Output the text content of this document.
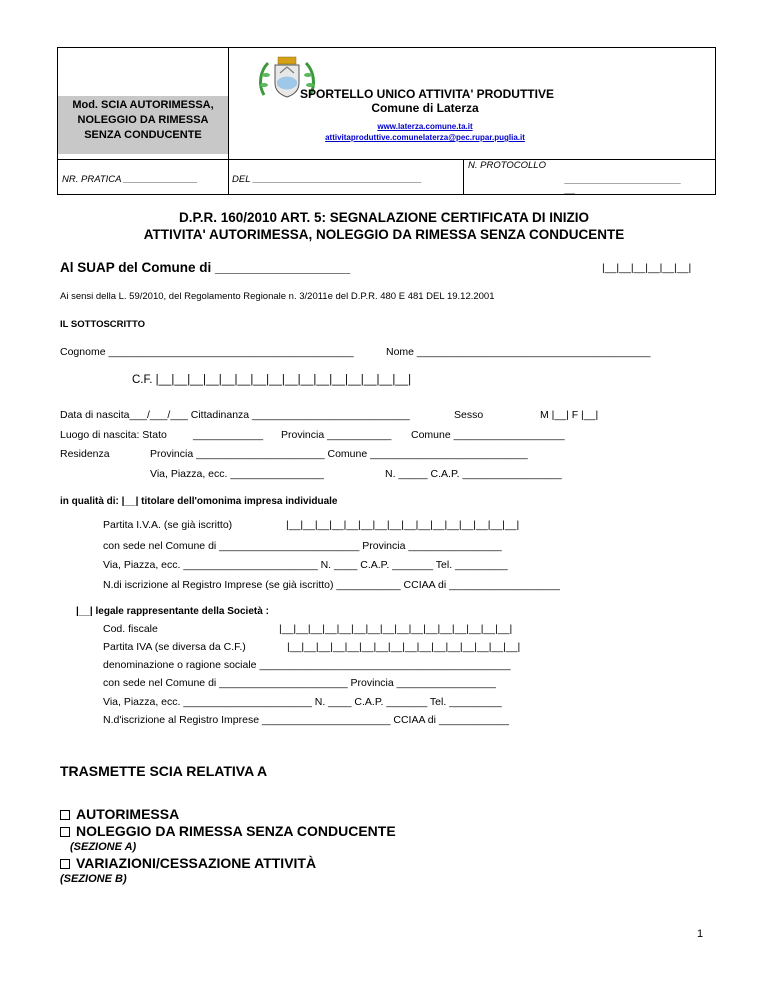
Mod. SCIA AUTORIMESSA, NOLEGGIO DA RIMESSA SENZA CONDUCENTE
SPORTELLO UNICO ATTIVITA' PRODUTTIVE
Comune di Laterza
www.laterza.comune.ta.it
attivitaproduttive.comunelaterza@pec.rupar.puglia.it
NR. PRATICA ______________	DEL ________________________________
N. PROTOCOLLO
______________________
__
D.P.R. 160/2010 ART. 5: SEGNALAZIONE CERTIFICATA DI INIZIO
ATTIVITA' AUTORIMESSA, NOLEGGIO DA RIMESSA SENZA CONDUCENTE
Al SUAP del Comune di __________________	|__|__|__|__|__|__|
Ai sensi della L. 59/2010, del Regolamento Regionale n. 3/2011e del D.P.R. 480 E 481 DEL 19.12.2001
IL SOTTOSCRITTO
Cognome __________________________________________	Nome ________________________________________
C.F. |__|__|__|__|__|__|__|__|__|__|__|__|__|__|__|__|
Data di nascita___/___/___ Cittadinanza ___________________________	Sesso	M |__| F |__|
Luogo di nascita: Stato ____________ Provincia ___________ Comune ___________________
Residenza	Provincia ______________________ Comune ___________________________
Via, Piazza, ecc. ________________	N. _____ C.A.P. _________________
in qualità di: |__| titolare dell'omonima impresa individuale
Partita I.V.A. (se già iscritto)	|__|__|__|__|__|__|__|__|__|__|__|__|__|__|__|__|
con sede nel Comune di ________________________ Provincia ________________
Via, Piazza, ecc. _______________________ N. ____ C.A.P. _______ Tel. _________
N.di iscrizione al Registro Imprese (se già iscritto) ___________ CCIAA di ___________________
|__| legale rappresentante della Società :
Cod. fiscale	|__|__|__|__|__|__|__|__|__|__|__|__|__|__|__|__|
Partita IVA (se diversa da C.F.)	|__|__|__|__|__|__|__|__|__|__|__|__|__|__|__|__|
denominazione o ragione sociale ___________________________________________
con sede nel Comune di ______________________ Provincia _________________
Via, Piazza, ecc. ______________________ N. ____ C.A.P. _______ Tel. _________
N.d'iscrizione al Registro Imprese ______________________ CCIAA di ____________
TRASMETTE SCIA RELATIVA A
AUTORIMESSA
NOLEGGIO DA RIMESSA SENZA CONDUCENTE
(SEZIONE A)
VARIAZIONI/CESSAZIONE ATTIVITÀ
(SEZIONE B)
1
